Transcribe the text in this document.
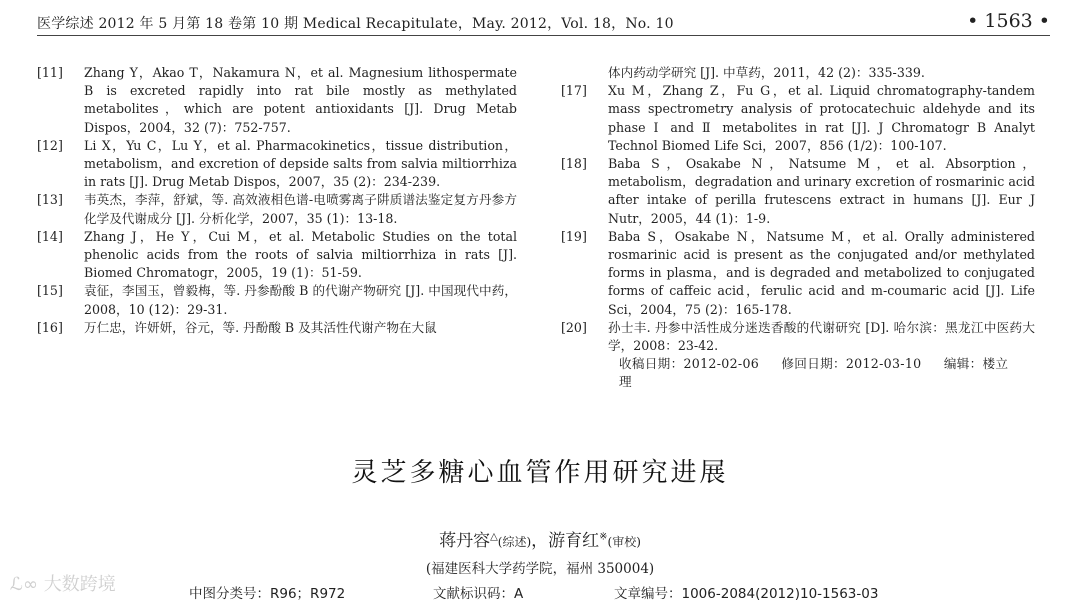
医学综述 2012 年 5 月第 18 卷第 10 期 Medical Recapitulate，May. 2012，Vol. 18，No. 10	• 1563 •
[11] Zhang Y，Akao T，Nakamura N，et al. Magnesium lithospermate B is excreted rapidly into rat bile mostly as methylated metabolites，which are potent antioxidants [J]. Drug Metab Dispos，2004，32 (7)：752-757.
[12] Li X，Yu C，Lu Y，et al. Pharmacokinetics，tissue distribution，metabolism，and excretion of depside salts from salvia miltiorrhiza in rats [J]. Drug Metab Dispos，2007，35 (2)：234-239.
[13] 韦英杰，李萍，舒斌，等. 高效液相色谱-电喷雾离子阱质谱法鉴定复方丹参方化学及代谢成分 [J]. 分析化学，2007，35 (1)：13-18.
[14] Zhang J，He Y，Cui M，et al. Metabolic Studies on the total phenolic acids from the roots of salvia miltiorrhiza in rats [J]. Biomed Chromatogr，2005，19 (1)：51-59.
[15] 袁征，李国玉，曾毅梅，等. 丹参酚酸 B 的代谢产物研究 [J]. 中国现代中药，2008，10 (12)：29-31.
[16] 万仁忠，许妍妍，谷元，等. 丹酚酸 B 及其活性代谢产物在大鼠
体内药动学研究 [J]. 中草药，2011，42 (2)：335-339.
[17] Xu M，Zhang Z，Fu G，et al. Liquid chromatography-tandem mass spectrometry analysis of protocatechuic aldehyde and its phase Ⅰ and Ⅱ metabolites in rat [J]. J Chromatogr B Analyt Technol Biomed Life Sci，2007，856 (1/2)：100-107.
[18] Baba S，Osakabe N，Natsume M，et al. Absorption，metabolism，degradation and urinary excretion of rosmarinic acid after intake of perilla frutescens extract in humans [J]. Eur J Nutr，2005，44 (1)：1-9.
[19] Baba S，Osakabe N，Natsume M，et al. Orally administered rosmarinic acid is present as the conjugated and/or methylated forms in plasma，and is degraded and metabolized to conjugated forms of caffeic acid，ferulic acid and m-coumaric acid [J]. Life Sci，2004，75 (2)：165-178.
[20] 孙士丰. 丹参中活性成分迷迭香酸的代谢研究 [D]. 哈尔滨：黑龙江中医药大学，2008：23-42.
收稿日期：2012-02-06 修回日期：2012-03-10 编辑：楼立理
灵芝多糖心血管作用研究进展
蒋丹容△(综述)，游育红※(审校)
(福建医科大学药学院，福州 350004)
中图分类号：R96；R972	文献标识码：A	文章编号：1006-2084(2012)10-1563-03
ℒ∞ 大数跨境
